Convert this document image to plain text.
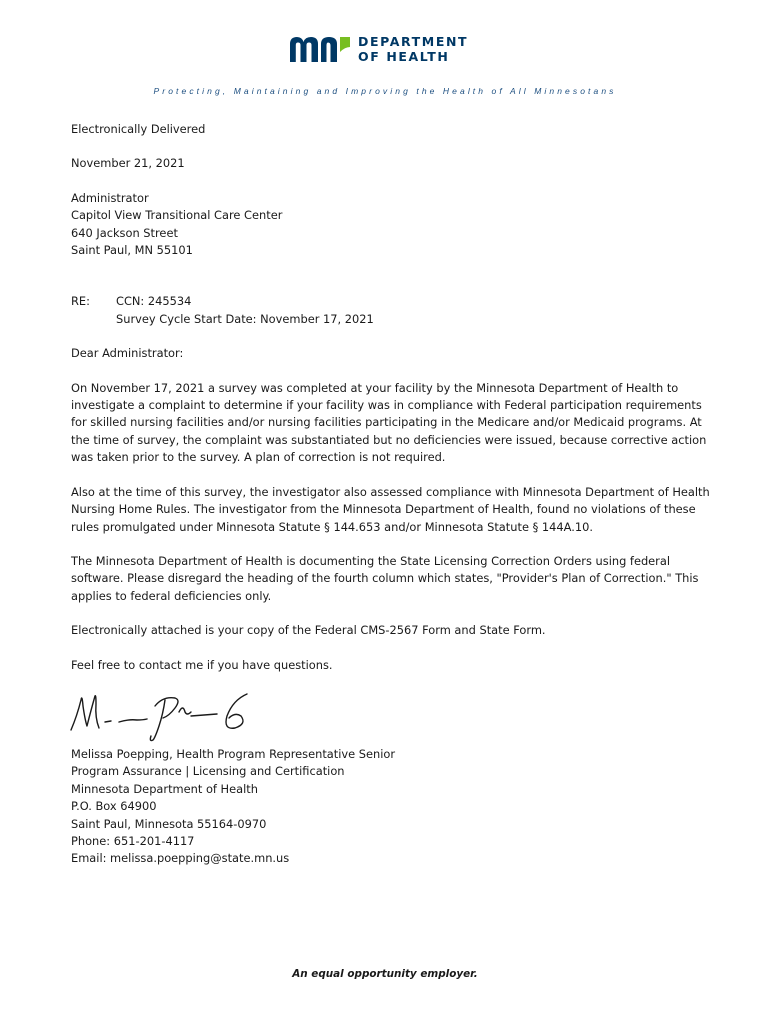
DEPARTMENT
OF HEALTH
Protecting, Maintaining and Improving the Health of All Minnesotans
Electronically Delivered
November 21, 2021
Administrator
Capitol View Transitional Care Center
640 Jackson Street
Saint Paul, MN 55101
RE:	CCN: 245534
Survey Cycle Start Date: November 17, 2021
Dear Administrator:
On November 17, 2021 a survey was completed at your facility by the Minnesota Department of Health to
investigate a complaint to determine if your facility was in compliance with Federal participation requirements
for skilled nursing facilities and/or nursing facilities participating in the Medicare and/or Medicaid programs. At
the time of survey, the complaint was substantiated but no deficiencies were issued, because corrective action
was taken prior to the survey. A plan of correction is not required.
Also at the time of this survey, the investigator also assessed compliance with Minnesota Department of Health
Nursing Home Rules. The investigator from the Minnesota Department of Health, found no violations of these
rules promulgated under Minnesota Statute § 144.653 and/or Minnesota Statute § 144A.10.
The Minnesota Department of Health is documenting the State Licensing Correction Orders using federal
software. Please disregard the heading of the fourth column which states, "Provider's Plan of Correction." This
applies to federal deficiencies only.
Electronically attached is your copy of the Federal CMS-2567 Form and State Form.
Feel free to contact me if you have questions.
Melissa Poepping, Health Program Representative Senior
Program Assurance | Licensing and Certification
Minnesota Department of Health
P.O. Box 64900
Saint Paul, Minnesota 55164-0970
Phone: 651-201-4117
Email: melissa.poepping@state.mn.us
An equal opportunity employer.
